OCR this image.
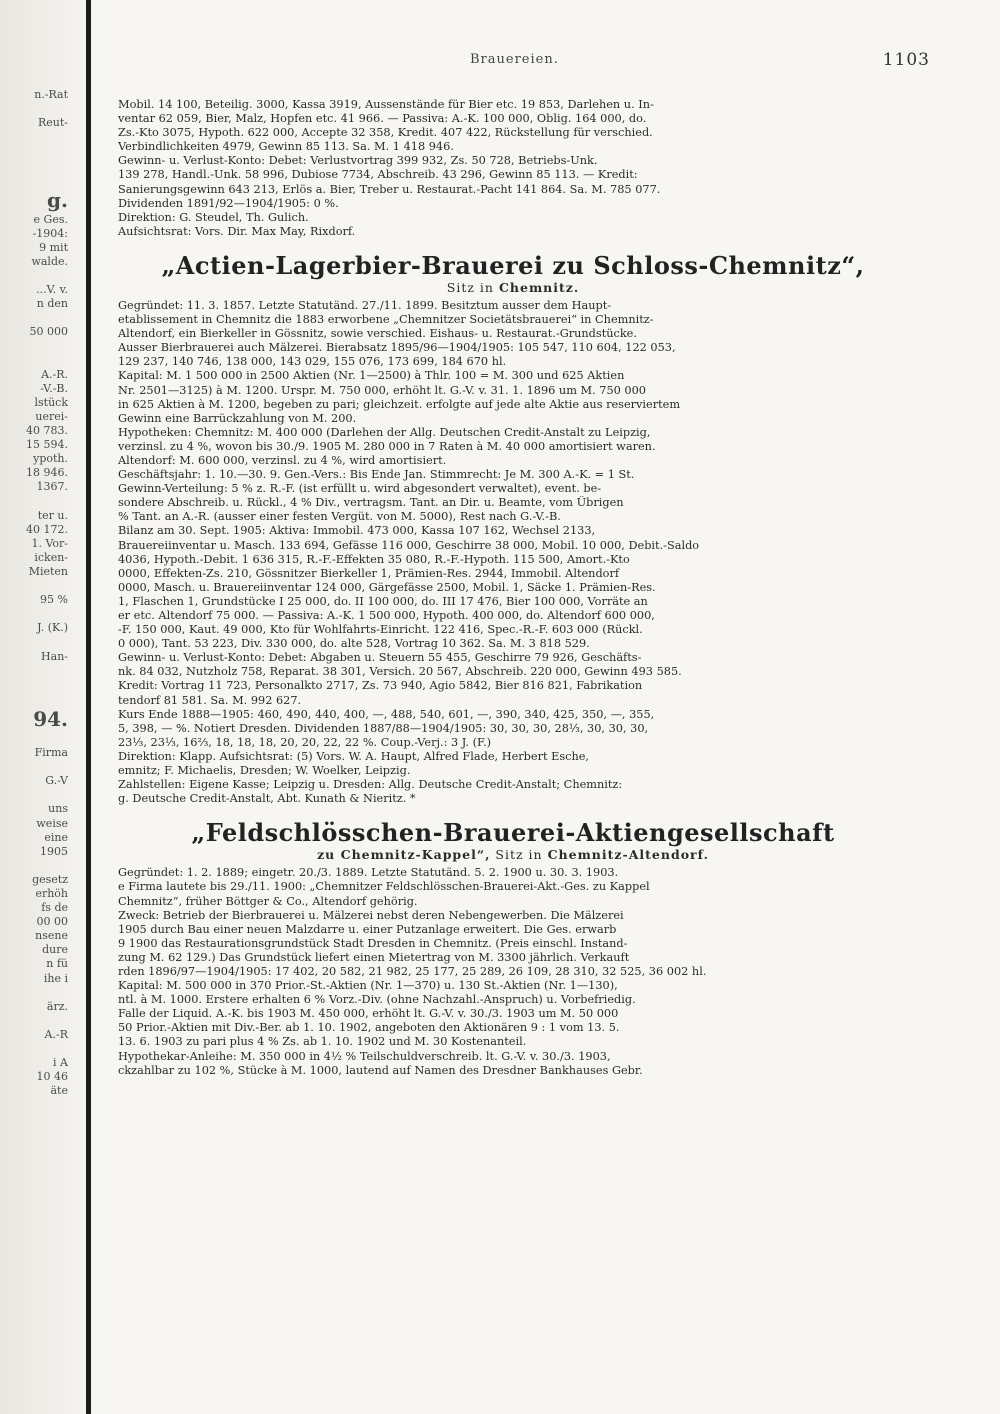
n.-Rat
Reut-
g.
e Ges.
-1904:
9 mit
walde.
...V. v.
n den
50 000
A.-R.
-V.-B.
lstück
uerei-
40 783.
15 594.
ypoth.
18 946.
1367.
ter u.
40 172.
1. Vor-
icken-
Mieten
95 %
J. (K.)
Han-
94.
Firma
G.-V
uns
weise
eine
1905
gesetz
erhöh
fs de
00 00
nsene
dure
n fü
ihe i
ärz.
A.-R
i A
10 46
äte
Brauereien.	1103
Mobil. 14 100, Beteilig. 3000, Kassa 3919, Aussenstände für Bier etc. 19 853, Darlehen u. In-
ventar 62 059, Bier, Malz, Hopfen etc. 41 966. — Passiva: A.-K. 100 000, Oblig. 164 000, do.
Zs.-Kto 3075, Hypoth. 622 000, Accepte 32 358, Kredit. 407 422, Rückstellung für verschied.
Verbindlichkeiten 4979, Gewinn 85 113. Sa. M. 1 418 946.
Gewinn- u. Verlust-Konto: Debet: Verlustvortrag 399 932, Zs. 50 728, Betriebs-Unk.
139 278, Handl.-Unk. 58 996, Dubiose 7734, Abschreib. 43 296, Gewinn 85 113. — Kredit:
Sanierungsgewinn 643 213, Erlös a. Bier, Treber u. Restaurat.-Pacht 141 864. Sa. M. 785 077.
Dividenden 1891/92—1904/1905: 0 %.
Direktion: G. Steudel, Th. Gulich.
Aufsichtsrat: Vors. Dir. Max May, Rixdorf.
„Actien-Lagerbier-Brauerei zu Schloss-Chemnitz“,
Sitz in Chemnitz.
Gegründet: 11. 3. 1857. Letzte Statutänd. 27./11. 1899. Besitztum ausser dem Haupt-
etablissement in Chemnitz die 1883 erworbene „Chemnitzer Societätsbrauerei“ in Chemnitz-
Altendorf, ein Bierkeller in Gössnitz, sowie verschied. Eishaus- u. Restaurat.-Grundstücke.
Ausser Bierbrauerei auch Mälzerei. Bierabsatz 1895/96—1904/1905: 105 547, 110 604, 122 053,
129 237, 140 746, 138 000, 143 029, 155 076, 173 699, 184 670 hl.
Kapital: M. 1 500 000 in 2500 Aktien (Nr. 1—2500) à Thlr. 100 = M. 300 und 625 Aktien
Nr. 2501—3125) à M. 1200. Urspr. M. 750 000, erhöht lt. G.-V. v. 31. 1. 1896 um M. 750 000
in 625 Aktien à M. 1200, begeben zu pari; gleichzeit. erfolgte auf jede alte Aktie aus reserviertem
Gewinn eine Barrückzahlung von M. 200.
Hypotheken: Chemnitz: M. 400 000 (Darlehen der Allg. Deutschen Credit-Anstalt zu Leipzig,
verzinsl. zu 4 %, wovon bis 30./9. 1905 M. 280 000 in 7 Raten à M. 40 000 amortisiert waren.
Altendorf: M. 600 000, verzinsl. zu 4 %, wird amortisiert.
Geschäftsjahr: 1. 10.—30. 9. Gen.-Vers.: Bis Ende Jan. Stimmrecht: Je M. 300 A.-K. = 1 St.
Gewinn-Verteilung: 5 % z. R.-F. (ist erfüllt u. wird abgesondert verwaltet), event. be-
sondere Abschreib. u. Rückl., 4 % Div., vertragsm. Tant. an Dir. u. Beamte, vom Übrigen
% Tant. an A.-R. (ausser einer festen Vergüt. von M. 5000), Rest nach G.-V.-B.
Bilanz am 30. Sept. 1905: Aktiva: Immobil. 473 000, Kassa 107 162, Wechsel 2133,
Brauereiinventar u. Masch. 133 694, Gefässe 116 000, Geschirre 38 000, Mobil. 10 000, Debit.-Saldo
4036, Hypoth.-Debit. 1 636 315, R.-F.-Effekten 35 080, R.-F.-Hypoth. 115 500, Amort.-Kto
0000, Effekten-Zs. 210, Gössnitzer Bierkeller 1, Prämien-Res. 2944, Immobil. Altendorf
0000, Masch. u. Brauereiinventar 124 000, Gärgefässe 2500, Mobil. 1, Säcke 1. Prämien-Res.
1, Flaschen 1, Grundstücke I 25 000, do. II 100 000, do. III 17 476, Bier 100 000, Vorräte an
er etc. Altendorf 75 000. — Passiva: A.-K. 1 500 000, Hypoth. 400 000, do. Altendorf 600 000,
-F. 150 000, Kaut. 49 000, Kto für Wohlfahrts-Einricht. 122 416, Spec.-R.-F. 603 000 (Rückl.
0 000), Tant. 53 223, Div. 330 000, do. alte 528, Vortrag 10 362. Sa. M. 3 818 529.
Gewinn- u. Verlust-Konto: Debet: Abgaben u. Steuern 55 455, Geschirre 79 926, Geschäfts-
nk. 84 032, Nutzholz 758, Reparat. 38 301, Versich. 20 567, Abschreib. 220 000, Gewinn 493 585.
Kredit: Vortrag 11 723, Personalkto 2717, Zs. 73 940, Agio 5842, Bier 816 821, Fabrikation
tendorf 81 581. Sa. M. 992 627.
Kurs Ende 1888—1905: 460, 490, 440, 400, —, 488, 540, 601, —, 390, 340, 425, 350, —, 355,
5, 398, — %. Notiert Dresden. Dividenden 1887/88—1904/1905: 30, 30, 30, 28⅓, 30, 30, 30,
23⅓, 23⅓, 16⅔, 18, 18, 18, 20, 20, 22, 22 %. Coup.-Verj.: 3 J. (F.)
Direktion: Klapp. Aufsichtsrat: (5) Vors. W. A. Haupt, Alfred Flade, Herbert Esche,
emnitz; F. Michaelis, Dresden; W. Woelker, Leipzig.
Zahlstellen: Eigene Kasse; Leipzig u. Dresden: Allg. Deutsche Credit-Anstalt; Chemnitz:
g. Deutsche Credit-Anstalt, Abt. Kunath & Nieritz. *
„Feldschlösschen-Brauerei-Aktiengesellschaft
zu Chemnitz-Kappel“, Sitz in Chemnitz-Altendorf.
Gegründet: 1. 2. 1889; eingetr. 20./3. 1889. Letzte Statutänd. 5. 2. 1900 u. 30. 3. 1903.
e Firma lautete bis 29./11. 1900: „Chemnitzer Feldschlösschen-Brauerei-Akt.-Ges. zu Kappel
Chemnitz“, früher Böttger & Co., Altendorf gehörig.
Zweck: Betrieb der Bierbrauerei u. Mälzerei nebst deren Nebengewerben. Die Mälzerei
1905 durch Bau einer neuen Malzdarre u. einer Putzanlage erweitert. Die Ges. erwarb
9 1900 das Restaurationsgrundstück Stadt Dresden in Chemnitz. (Preis einschl. Instand-
zung M. 62 129.) Das Grundstück liefert einen Mietertrag von M. 3300 jährlich. Verkauft
rden 1896/97—1904/1905: 17 402, 20 582, 21 982, 25 177, 25 289, 26 109, 28 310, 32 525, 36 002 hl.
Kapital: M. 500 000 in 370 Prior.-St.-Aktien (Nr. 1—370) u. 130 St.-Aktien (Nr. 1—130),
ntl. à M. 1000. Erstere erhalten 6 % Vorz.-Div. (ohne Nachzahl.-Anspruch) u. Vorbefriedig.
Falle der Liquid. A.-K. bis 1903 M. 450 000, erhöht lt. G.-V. v. 30./3. 1903 um M. 50 000
50 Prior.-Aktien mit Div.-Ber. ab 1. 10. 1902, angeboten den Aktionären 9 : 1 vom 13. 5.
13. 6. 1903 zu pari plus 4 % Zs. ab 1. 10. 1902 und M. 30 Kostenanteil.
Hypothekar-Anleihe: M. 350 000 in 4½ % Teilschuldverschreib. lt. G.-V. v. 30./3. 1903,
ckzahlbar zu 102 %, Stücke à M. 1000, lautend auf Namen des Dresdner Bankhauses Gebr.
